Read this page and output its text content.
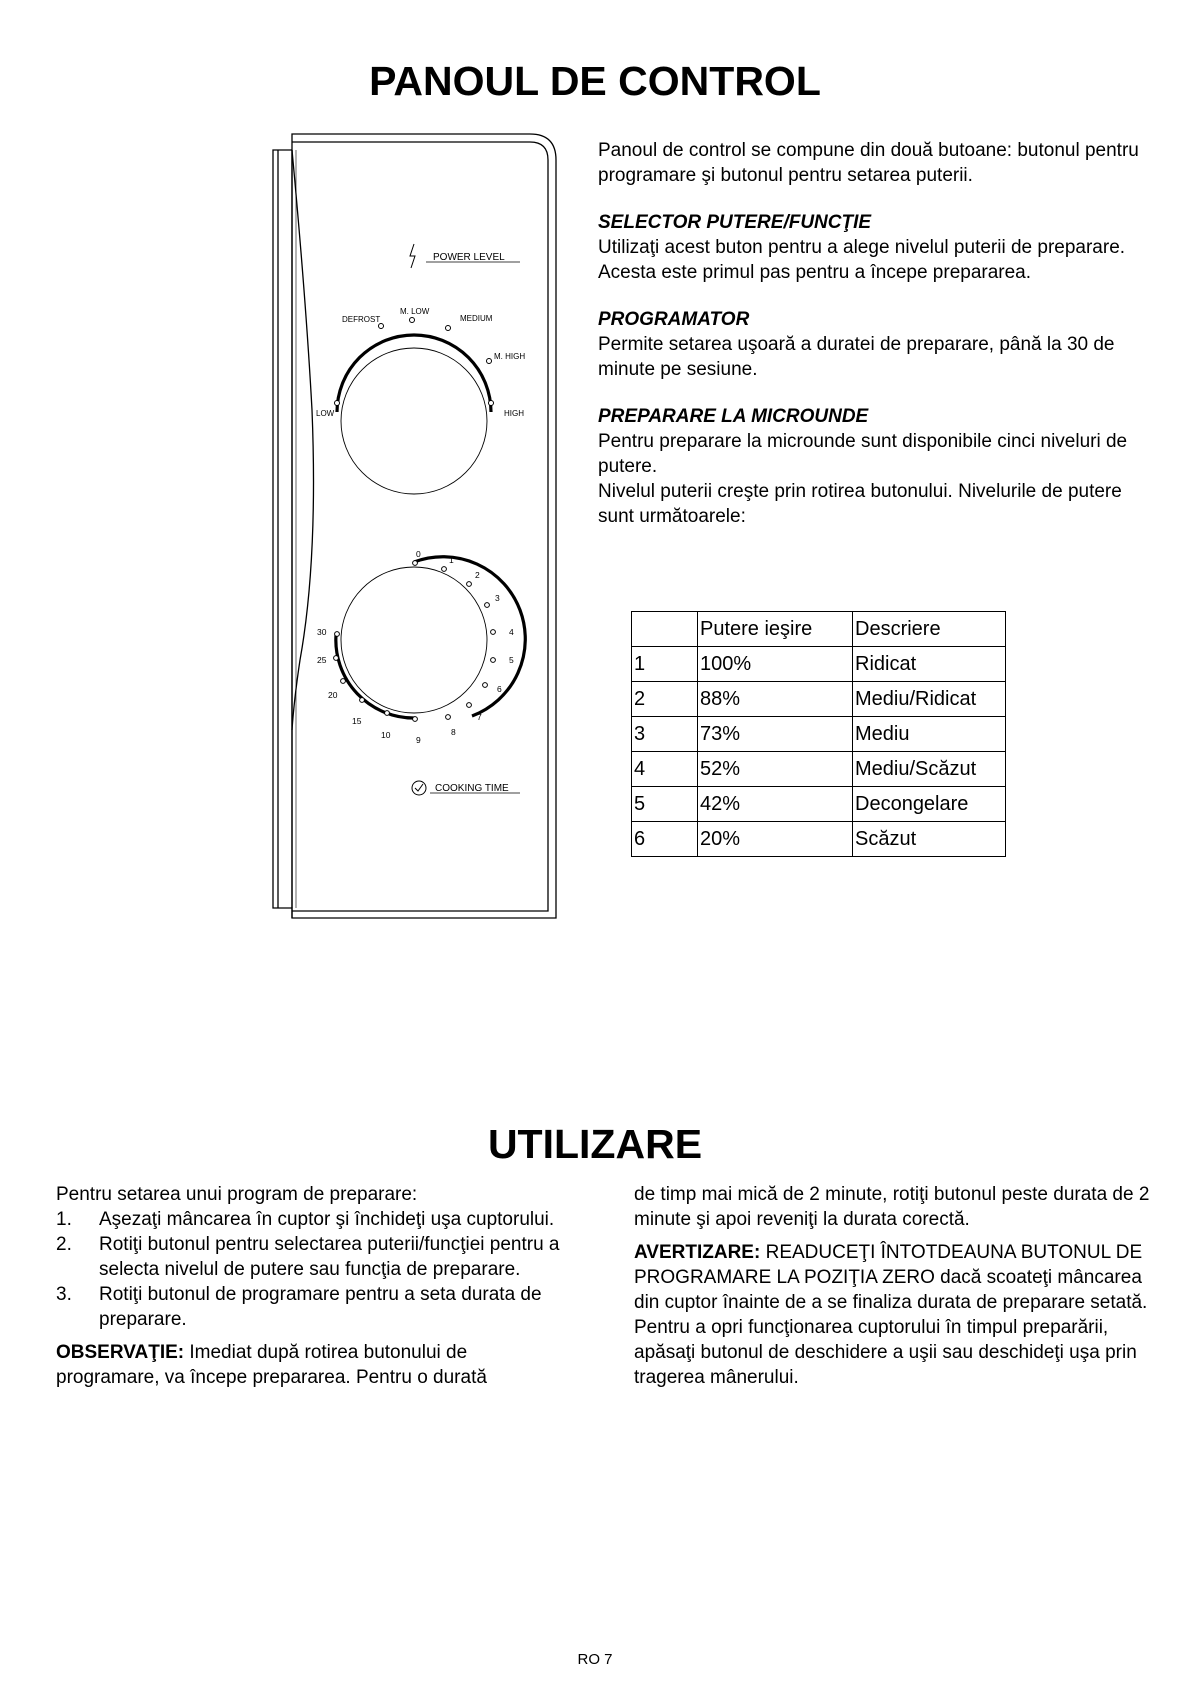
PANOUL DE CONTROL
POWER LEVEL
COOKING TIME
LOW
DEFROST
M. LOW
MEDIUM
M. HIGH
HIGH
0
1
2
3
4
5
6
7
8
9
10
15
20
25
30
Panoul de control se compune din două butoane: butonul pentru programare şi butonul pentru setarea puterii.
SELECTOR PUTERE/FUNCŢIE
Utilizaţi acest buton pentru a alege nivelul puterii de preparare. Acesta este primul pas pentru a începe prepararea.
PROGRAMATOR
Permite setarea uşoară a duratei de preparare, până la 30 de minute pe sesiune.
PREPARARE LA MICROUNDE
Pentru preparare la microunde sunt disponibile cinci niveluri de putere.
Nivelul puterii creşte prin rotirea butonului. Nivelurile de putere sunt următoarele:
	Putere ieşire	Descriere
1	100%	Ridicat
2	88%	Mediu/Ridicat
3	73%	Mediu
4	52%	Mediu/Scăzut
5	42%	Decongelare
6	20%	Scăzut
UTILIZARE
Pentru setarea unui program de preparare:
1. Aşezaţi mâncarea în cuptor şi închideţi uşa cuptorului.
2. Rotiţi butonul pentru selectarea puterii/funcţiei pentru a selecta nivelul de putere sau funcţia de preparare.
3. Rotiţi butonul de programare pentru a seta durata de preparare.
OBSERVAŢIE: Imediat după rotirea butonului de programare, va începe prepararea. Pentru o durată
de timp mai mică de 2 minute, rotiţi butonul peste durata de 2 minute şi apoi reveniţi la durata corectă.
AVERTIZARE: READUCEŢI ÎNTOTDEAUNA BUTONUL DE PROGRAMARE LA POZIŢIA ZERO dacă scoateţi mâncarea din cuptor înainte de a se finaliza durata de preparare setată. Pentru a opri funcţionarea cuptorului în timpul preparării, apăsaţi butonul de deschidere a uşii sau deschideţi uşa prin tragerea mânerului.
RO 7
